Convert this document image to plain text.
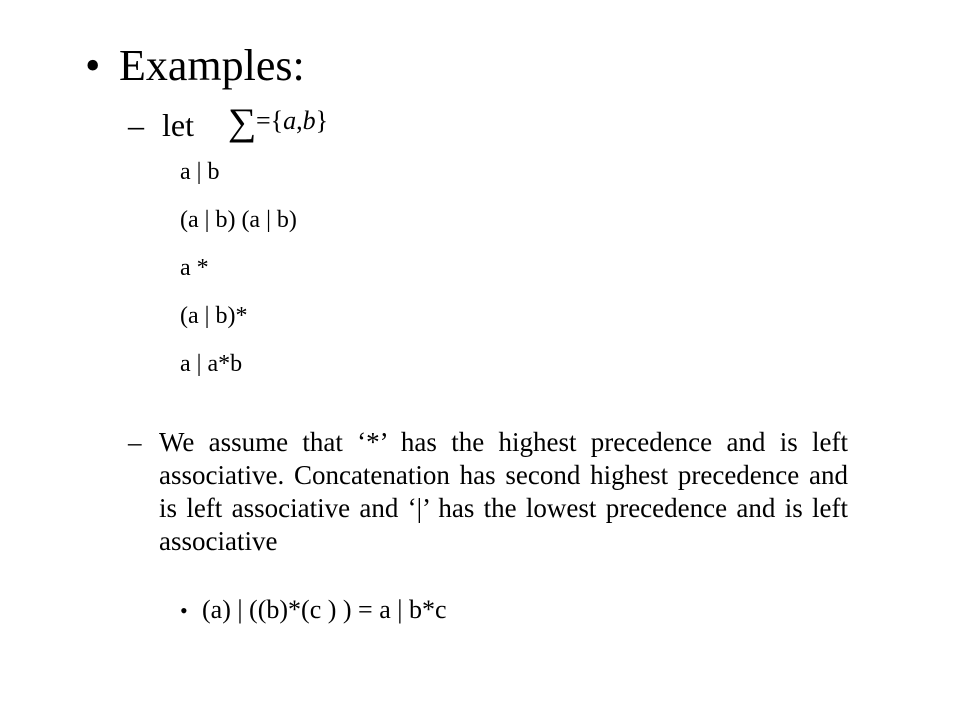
• Examples:
– let ∑ ={a,b}
a | b
(a | b) (a | b)
a *
(a | b)*
a | a*b
– We assume that ‘*’ has the highest precedence and is left associative. Concatenation has second highest precedence and is left associative and ‘|’ has the lowest precedence and is left associative
• (a) | ((b)*(c ) ) = a | b*c
